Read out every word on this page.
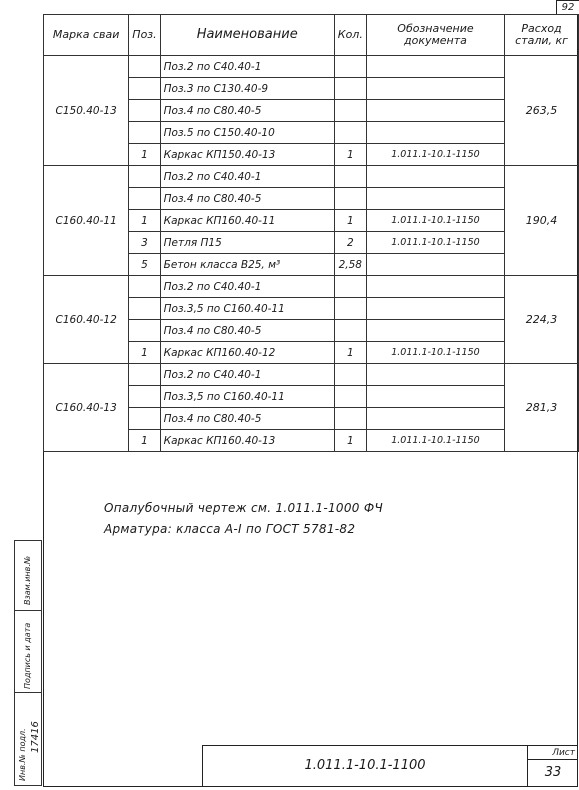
92
Марка сваи	Поз.	Наименование	Кол.	Обозначение документа	Расход стали, кг
С150.40-13		Поз.2 по С40.40-1			263,5
		Поз.3 по С130.40-9			
		Поз.4 по С80.40-5			
		Поз.5 по С150.40-10			
	1	Каркас КП150.40-13	1	1.011.1-10.1-1150	
С160.40-11		Поз.2 по С40.40-1			190,4
		Поз.4 по С80.40-5			
	1	Каркас КП160.40-11	1	1.011.1-10.1-1150	
	3	Петля П15	2	1.011.1-10.1-1150	
	5	Бетон класса В25, м³	2,58		
С160.40-12		Поз.2 по С40.40-1			224,3
		Поз.3,5 по С160.40-11			
		Поз.4 по С80.40-5			
	1	Каркас КП160.40-12	1	1.011.1-10.1-1150	
С160.40-13		Поз.2 по С40.40-1			281,3
		Поз.3,5 по С160.40-11			
		Поз.4 по С80.40-5			
	1	Каркас КП160.40-13	1	1.011.1-10.1-1150	
Опалубочный чертеж см. 1.011.1-1000 ФЧ
Арматура: класса А-I по ГОСТ 5781-82
Взам.инв.№
Подпись и дата
Инв.№ подл. 17416
1.011.1-10.1-1100
Лист
33
